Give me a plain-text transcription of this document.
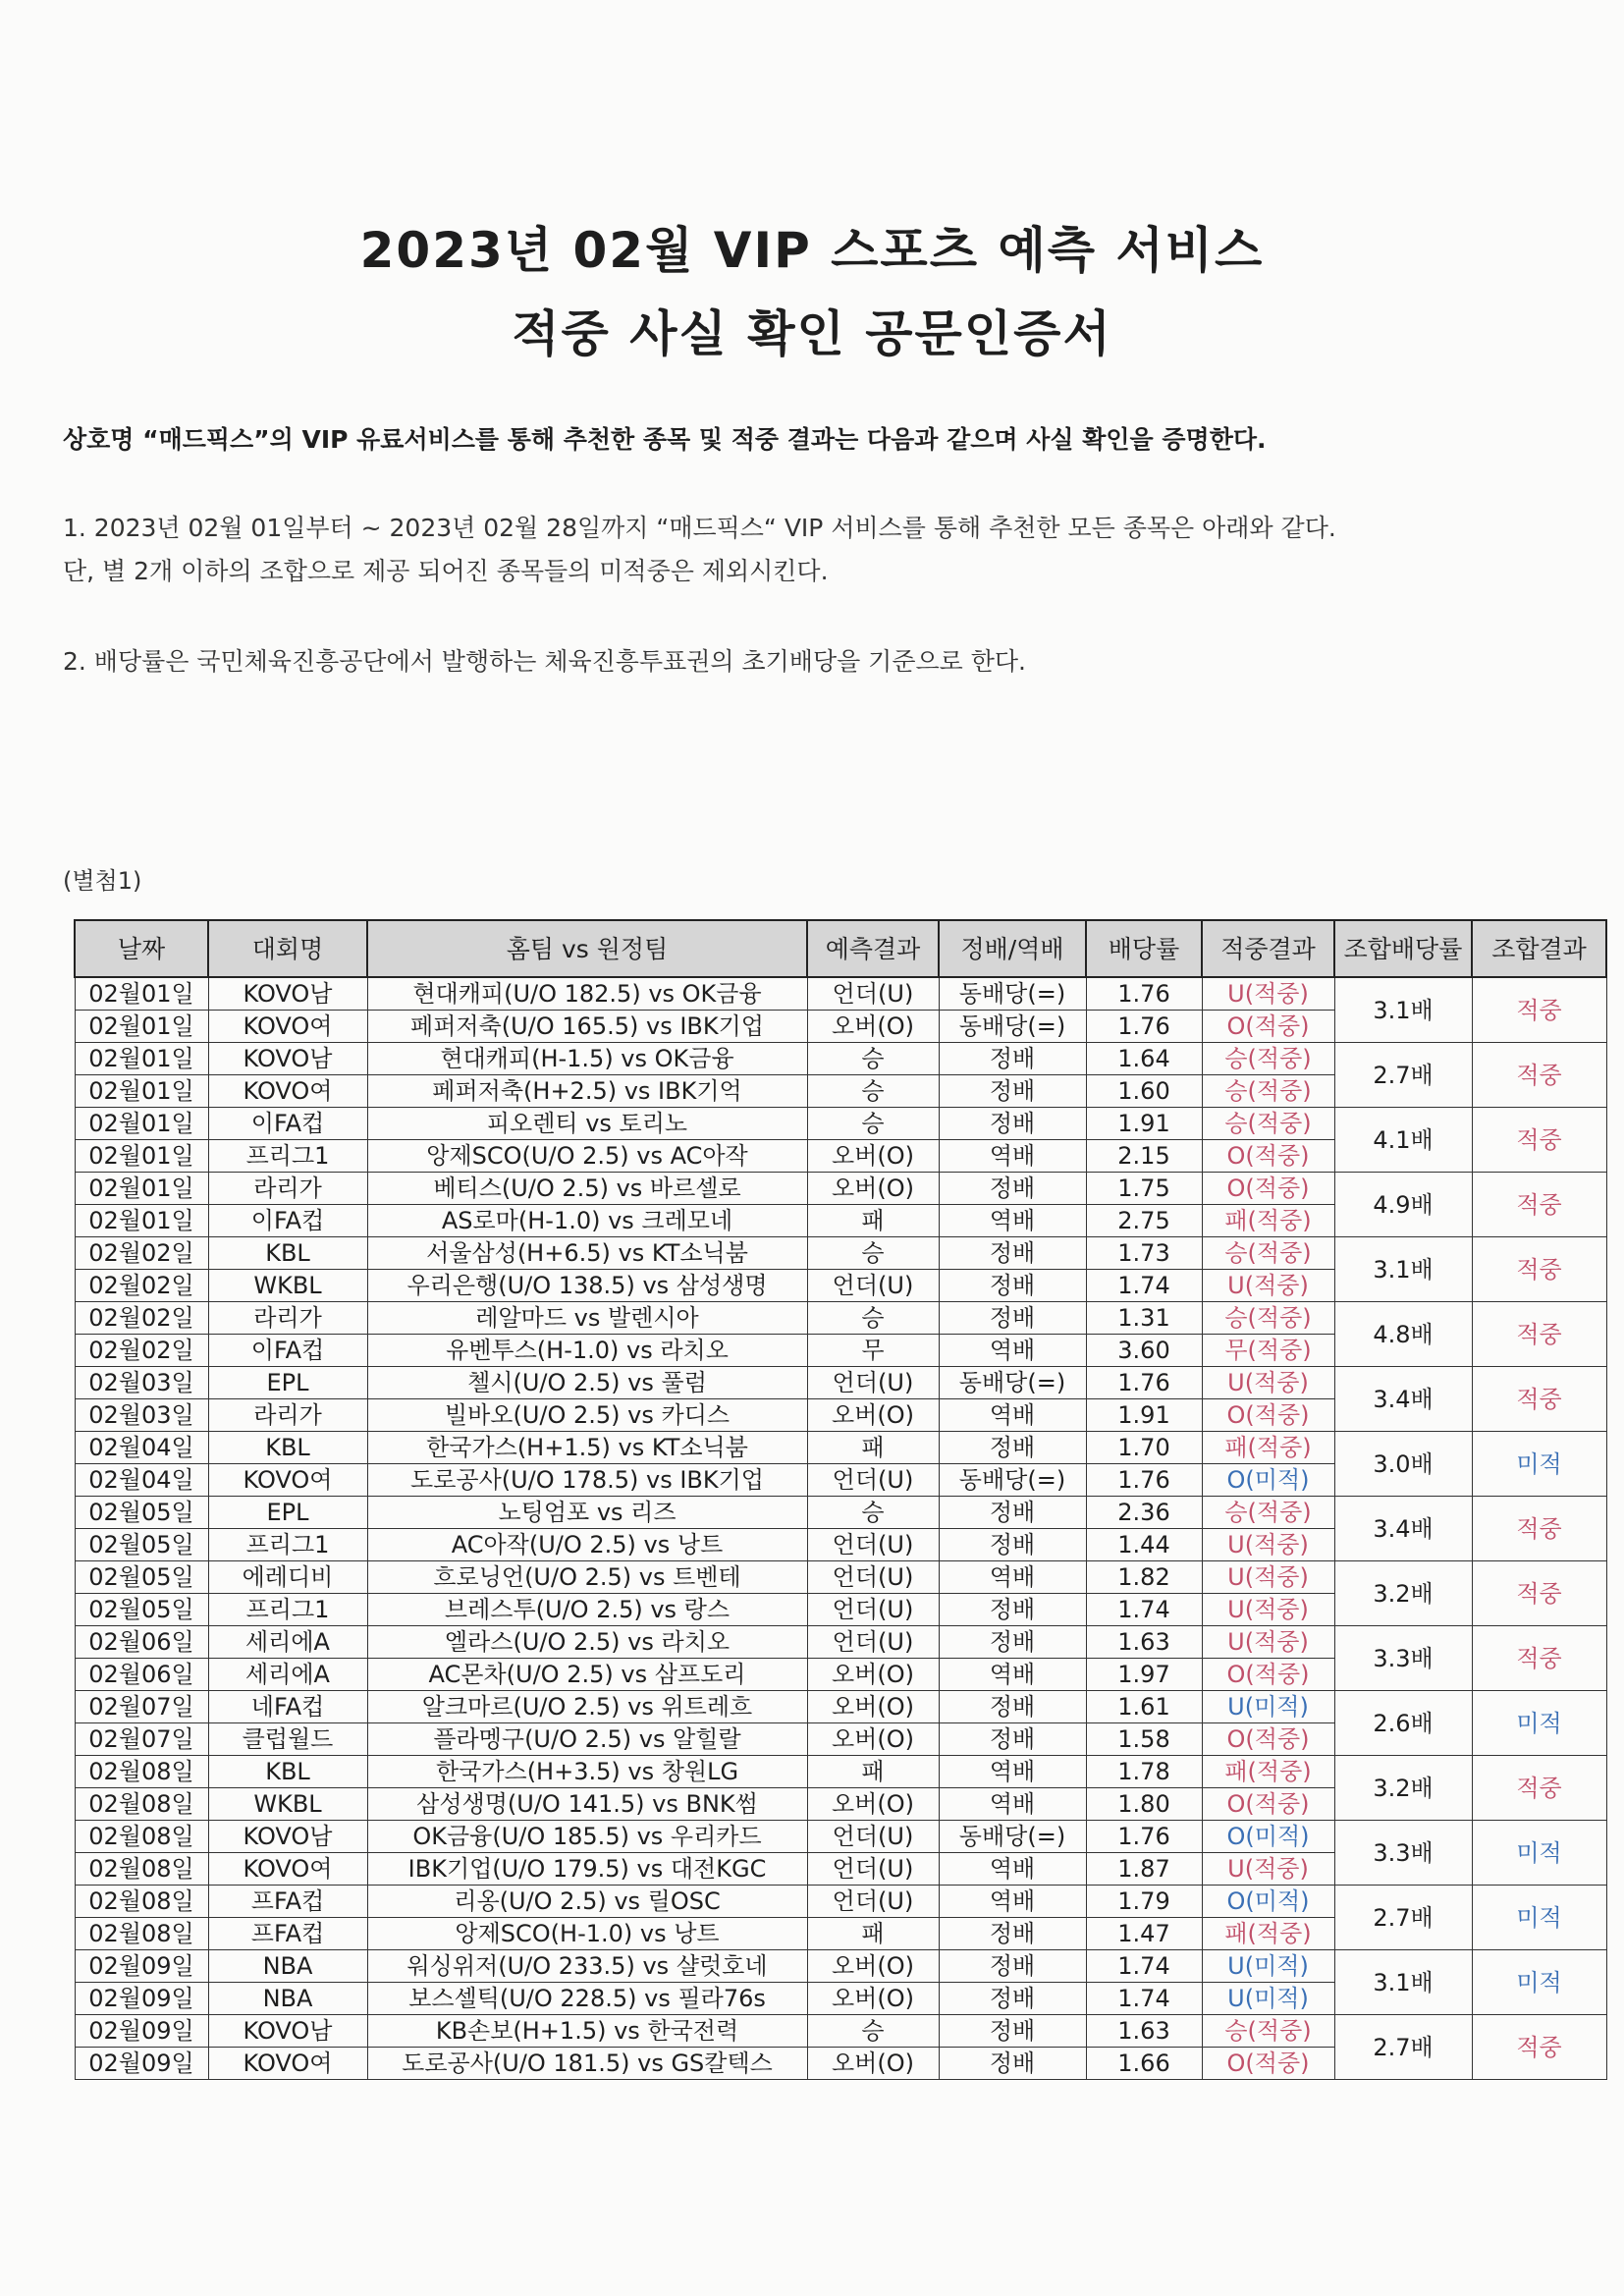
2023년 02월 VIP 스포츠 예측 서비스
적중 사실 확인 공문인증서

상호명 “매드픽스”의 VIP 유료서비스를 통해 추천한 종목 및 적중 결과는 다음과 같으며 사실 확인을 증명한다.

1. 2023년 02월 01일부터 ~ 2023년 02월 28일까지 “매드픽스“ VIP 서비스를 통해 추천한 모든 종목은 아래와 같다.

단, 별 2개 이하의 조합으로 제공 되어진 종목들의 미적중은 제외시킨다.

2. 배당률은 국민체육진흥공단에서 발행하는 체육진흥투표권의 초기배당을 기준으로 한다.

(별첨1)

날짜	대회명	홈팀 vs 원정팀	예측결과	정배/역배	배당률	적중결과	조합배당률	조합결과
02월01일	KOVO남	현대캐피(U/O 182.5) vs OK금융	언더(U)	동배당(=)	1.76	U(적중)	3.1배	적중
02월01일	KOVO여	페퍼저축(U/O 165.5) vs IBK기업	오버(O)	동배당(=)	1.76	O(적중)		
02월01일	KOVO남	현대캐피(H-1.5) vs OK금융	승	정배	1.64	승(적중)	2.7배	적중
02월01일	KOVO여	페퍼저축(H+2.5) vs IBK기억	승	정배	1.60	승(적중)		
02월01일	이FA컵	피오렌티 vs 토리노	승	정배	1.91	승(적중)	4.1배	적중
02월01일	프리그1	앙제SCO(U/O 2.5) vs AC아작	오버(O)	역배	2.15	O(적중)		
02월01일	라리가	베티스(U/O 2.5) vs 바르셀로	오버(O)	정배	1.75	O(적중)	4.9배	적중
02월01일	이FA컵	AS로마(H-1.0) vs 크레모네	패	역배	2.75	패(적중)		
02월02일	KBL	서울삼성(H+6.5) vs KT소닉붐	승	정배	1.73	승(적중)	3.1배	적중
02월02일	WKBL	우리은행(U/O 138.5) vs 삼성생명	언더(U)	정배	1.74	U(적중)		
02월02일	라리가	레알마드 vs 발렌시아	승	정배	1.31	승(적중)	4.8배	적중
02월02일	이FA컵	유벤투스(H-1.0) vs 라치오	무	역배	3.60	무(적중)		
02월03일	EPL	첼시(U/O 2.5) vs 풀럼	언더(U)	동배당(=)	1.76	U(적중)	3.4배	적중
02월03일	라리가	빌바오(U/O 2.5) vs 카디스	오버(O)	역배	1.91	O(적중)		
02월04일	KBL	한국가스(H+1.5) vs KT소닉붐	패	정배	1.70	패(적중)	3.0배	미적
02월04일	KOVO여	도로공사(U/O 178.5) vs IBK기업	언더(U)	동배당(=)	1.76	O(미적)		
02월05일	EPL	노팅엄포 vs 리즈	승	정배	2.36	승(적중)	3.4배	적중
02월05일	프리그1	AC아작(U/O 2.5) vs 낭트	언더(U)	정배	1.44	U(적중)		
02월05일	에레디비	흐로닝언(U/O 2.5) vs 트벤테	언더(U)	역배	1.82	U(적중)	3.2배	적중
02월05일	프리그1	브레스투(U/O 2.5) vs 랑스	언더(U)	정배	1.74	U(적중)		
02월06일	세리에A	엘라스(U/O 2.5) vs 라치오	언더(U)	정배	1.63	U(적중)	3.3배	적중
02월06일	세리에A	AC몬차(U/O 2.5) vs 삼프도리	오버(O)	역배	1.97	O(적중)		
02월07일	네FA컵	알크마르(U/O 2.5) vs 위트레흐	오버(O)	정배	1.61	U(미적)	2.6배	미적
02월07일	클럽월드	플라멩구(U/O 2.5) vs 알힐랄	오버(O)	정배	1.58	O(적중)		
02월08일	KBL	한국가스(H+3.5) vs 창원LG	패	역배	1.78	패(적중)	3.2배	적중
02월08일	WKBL	삼성생명(U/O 141.5) vs BNK썸	오버(O)	역배	1.80	O(적중)		
02월08일	KOVO남	OK금융(U/O 185.5) vs 우리카드	언더(U)	동배당(=)	1.76	O(미적)	3.3배	미적
02월08일	KOVO여	IBK기업(U/O 179.5) vs 대전KGC	언더(U)	역배	1.87	U(적중)		
02월08일	프FA컵	리옹(U/O 2.5) vs 릴OSC	언더(U)	역배	1.79	O(미적)	2.7배	미적
02월08일	프FA컵	앙제SCO(H-1.0) vs 낭트	패	정배	1.47	패(적중)		
02월09일	NBA	워싱위저(U/O 233.5) vs 샬럿호네	오버(O)	정배	1.74	U(미적)	3.1배	미적
02월09일	NBA	보스셀틱(U/O 228.5) vs 필라76s	오버(O)	정배	1.74	U(미적)		
02월09일	KOVO남	KB손보(H+1.5) vs 한국전력	승	정배	1.63	승(적중)	2.7배	적중
02월09일	KOVO여	도로공사(U/O 181.5) vs GS칼텍스	오버(O)	정배	1.66	O(적중)		
